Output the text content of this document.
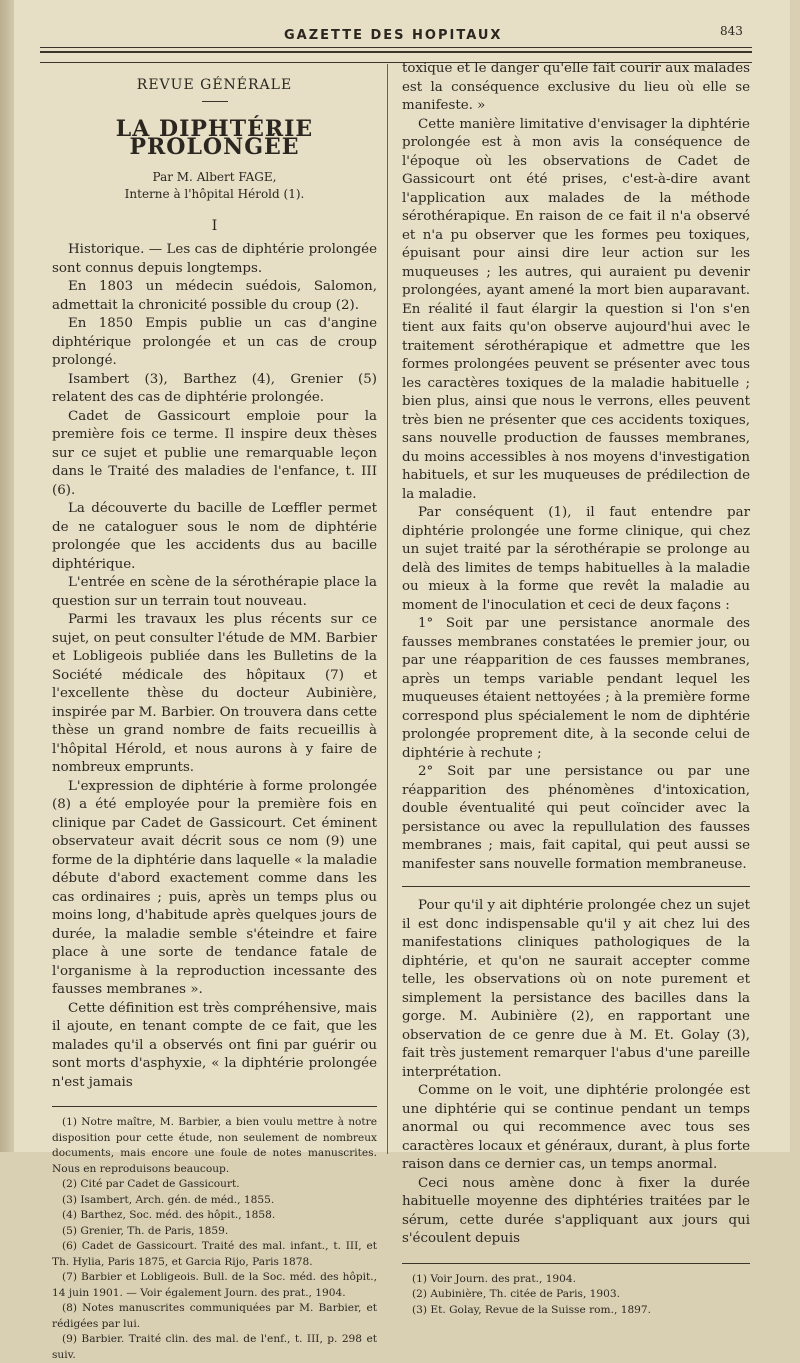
GAZETTE DES HOPITAUX	843
REVUE GÉNÉRALE
LA DIPHTÉRIE PROLONGÉE
Par M. Albert FAGE,
Interne à l'hôpital Hérold (1).
I

Historique. — Les cas de diphtérie prolongée sont connus depuis longtemps.

En 1803 un médecin suédois, Salomon, admettait la chronicité possible du croup (2).

En 1850 Empis publie un cas d'angine diphtérique prolongée et un cas de croup prolongé.

Isambert (3), Barthez (4), Grenier (5) relatent des cas de diphtérie prolongée.

Cadet de Gassicourt emploie pour la première fois ce terme. Il inspire deux thèses sur ce sujet et publie une remarquable leçon dans le Traité des maladies de l'enfance, t. III (6).

La découverte du bacille de Lœffler permet de ne cataloguer sous le nom de diphtérie prolongée que les accidents dus au bacille diphtérique.

L'entrée en scène de la sérothérapie place la question sur un terrain tout nouveau.

Parmi les travaux les plus récents sur ce sujet, on peut consulter l'étude de MM. Barbier et Lobligeois publiée dans les Bulletins de la Société médicale des hôpitaux (7) et l'excellente thèse du docteur Aubinière, inspirée par M. Barbier. On trouvera dans cette thèse un grand nombre de faits recueillis à l'hôpital Hérold, et nous aurons à y faire de nombreux emprunts.

L'expression de diphtérie à forme prolongée (8) a été employée pour la première fois en clinique par Cadet de Gassicourt. Cet éminent observateur avait décrit sous ce nom (9) une forme de la diphtérie dans laquelle « la maladie débute d'abord exactement comme dans les cas ordinaires ; puis, après un temps plus ou moins long, d'habitude après quelques jours de durée, la maladie semble s'éteindre et faire place à une sorte de tendance fatale de l'organisme à la reproduction incessante des fausses membranes ».

Cette définition est très compréhensive, mais il ajoute, en tenant compte de ce fait, que les malades qu'il a observés ont fini par guérir ou sont morts d'asphyxie, « la diphtérie prolongée n'est jamais

(1) Notre maître, M. Barbier, a bien voulu mettre à notre disposition pour cette étude, non seulement de nombreux documents, mais encore une foule de notes manuscrites. Nous en reproduisons beaucoup.
(2) Cité par Cadet de Gassicourt.
(3) Isambert, Arch. gén. de méd., 1855.
(4) Barthez, Soc. méd. des hôpit., 1858.
(5) Grenier, Th. de Paris, 1859.
(6) Cadet de Gassicourt. Traité des mal. infant., t. III, et Th. Hylia, Paris 1875, et Garcia Rijo, Paris 1878.
(7) Barbier et Lobligeois. Bull. de la Soc. méd. des hôpit., 14 juin 1901. — Voir également Journ. des prat., 1904.
(8) Notes manuscrites communiquées par M. Barbier, et rédigées par lui.
(9) Barbier. Traité clin. des mal. de l'enf., t. III, p. 298 et suiv.

toxique et le danger qu'elle fait courir aux malades est la conséquence exclusive du lieu où elle se manifeste. »

Cette manière limitative d'envisager la diphtérie prolongée est à mon avis la conséquence de l'époque où les observations de Cadet de Gassicourt ont été prises, c'est-à-dire avant l'application aux malades de la méthode sérothérapique. En raison de ce fait il n'a observé et n'a pu observer que les formes peu toxiques, épuisant pour ainsi dire leur action sur les muqueuses ; les autres, qui auraient pu devenir prolongées, ayant amené la mort bien auparavant. En réalité il faut élargir la question si l'on s'en tient aux faits qu'on observe aujourd'hui avec le traitement sérothérapique et admettre que les formes prolongées peuvent se présenter avec tous les caractères toxiques de la maladie habituelle ; bien plus, ainsi que nous le verrons, elles peuvent très bien ne présenter que ces accidents toxiques, sans nouvelle production de fausses membranes, du moins accessibles à nos moyens d'investigation habituels, et sur les muqueuses de prédilection de la maladie.

Par conséquent (1), il faut entendre par diphtérie prolongée une forme clinique, qui chez un sujet traité par la sérothérapie se prolonge au delà des limites de temps habituelles à la maladie ou mieux à la forme que revêt la maladie au moment de l'inoculation et ceci de deux façons :

1° Soit par une persistance anormale des fausses membranes constatées le premier jour, ou par une réapparition de ces fausses membranes, après un temps variable pendant lequel les muqueuses étaient nettoyées ; à la première forme correspond plus spécialement le nom de diphtérie prolongée proprement dite, à la seconde celui de diphtérie à rechute ;

2° Soit par une persistance ou par une réapparition des phénomènes d'intoxication, double éventualité qui peut coïncider avec la persistance ou avec la repullulation des fausses membranes ; mais, fait capital, qui peut aussi se manifester sans nouvelle formation membraneuse.

Pour qu'il y ait diphtérie prolongée chez un sujet il est donc indispensable qu'il y ait chez lui des manifestations cliniques pathologiques de la diphtérie, et qu'on ne saurait accepter comme telle, les observations où on note purement et simplement la persistance des bacilles dans la gorge. M. Aubinière (2), en rapportant une observation de ce genre due à M. Et. Golay (3), fait très justement remarquer l'abus d'une pareille interprétation.

Comme on le voit, une diphtérie prolongée est une diphtérie qui se continue pendant un temps anormal ou qui recommence avec tous ses caractères locaux et généraux, durant, à plus forte raison dans ce dernier cas, un temps anormal.

Ceci nous amène donc à fixer la durée habituelle moyenne des diphtéries traitées par le sérum, cette durée s'appliquant aux jours qui s'écoulent depuis

(1) Voir Journ. des prat., 1904.
(2) Aubinière, Th. citée de Paris, 1903.
(3) Et. Golay, Revue de la Suisse rom., 1897.
